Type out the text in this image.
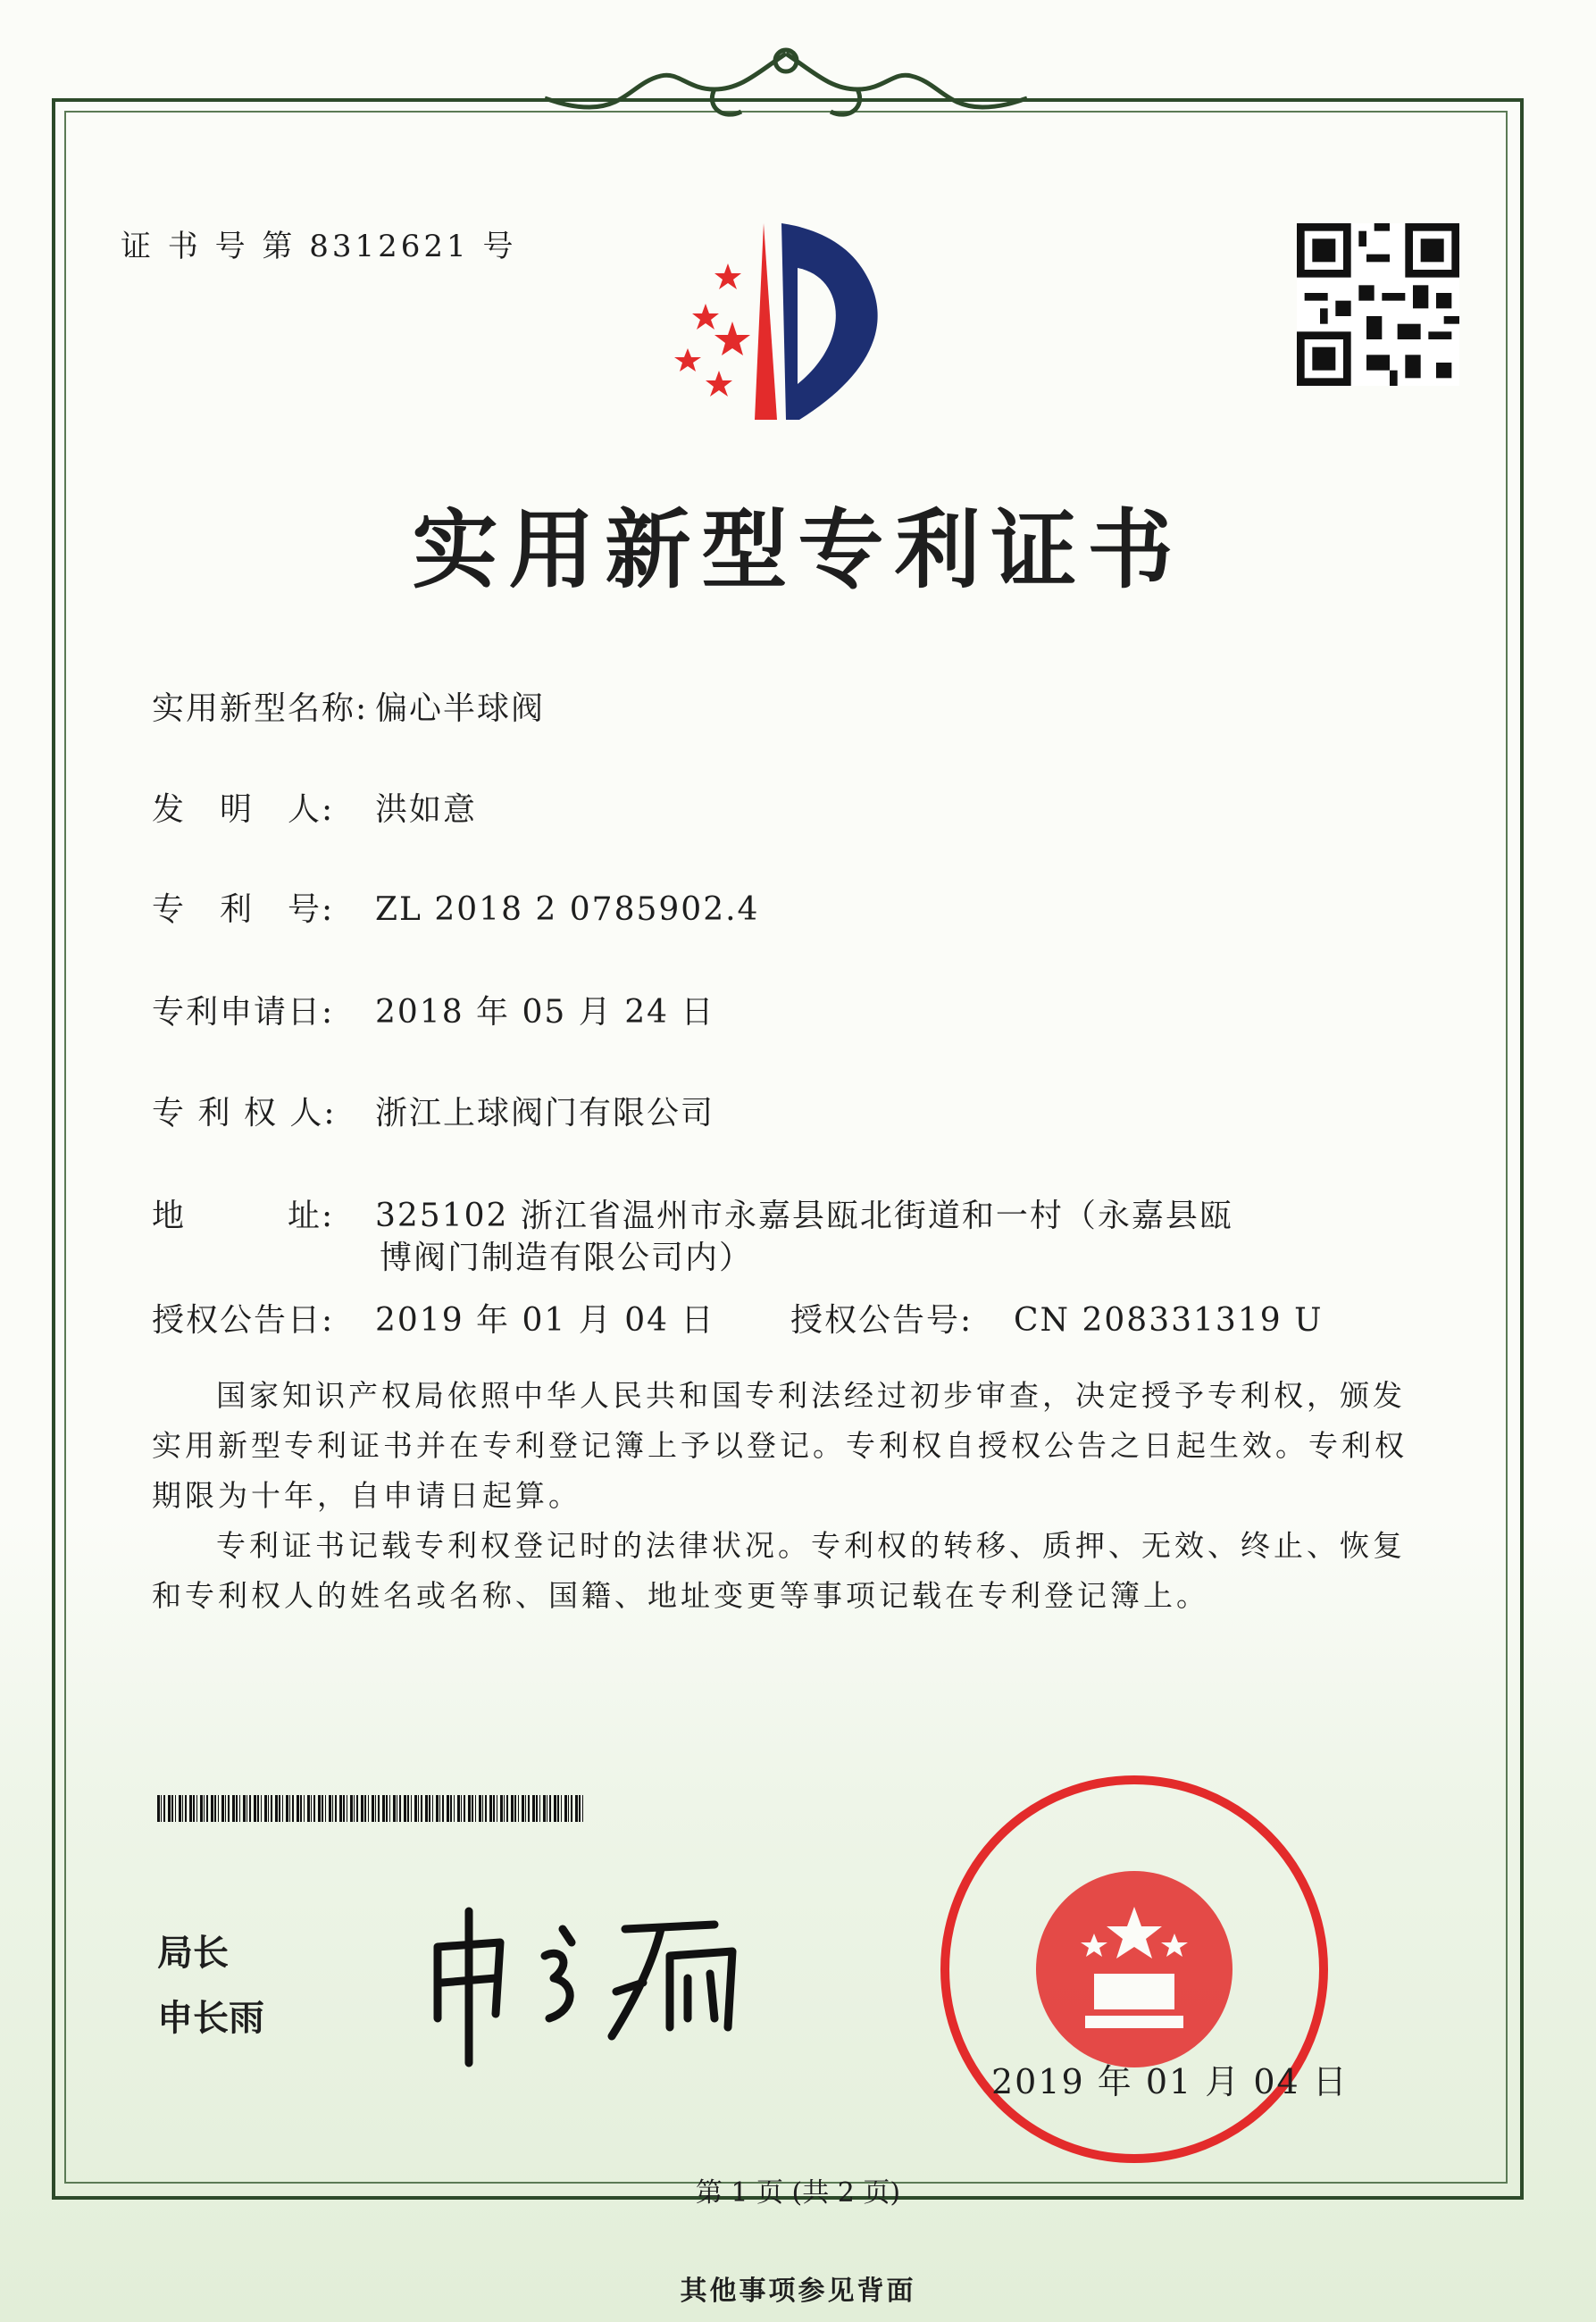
证 书 号 第 8312621 号
实用新型专利证书
实用新型名称: 偏心半球阀
发　明　人: 洪如意
专　利　号: ZL 2018 2 0785902.4
专利申请日: 2018 年 05 月 24 日
专 利 权 人: 浙江上球阀门有限公司
地　　　址: 325102 浙江省温州市永嘉县瓯北街道和一村（永嘉县瓯
博阀门制造有限公司内）
授权公告日: 2019 年 01 月 04 日 授权公告号: CN 208331319 U

国家知识产权局依照中华人民共和国专利法经过初步审查，决定授予专利权，颁发实用新型专利证书并在专利登记簿上予以登记。专利权自授权公告之日起生效。专利权期限为十年，自申请日起算。

专利证书记载专利权登记时的法律状况。专利权的转移、质押、无效、终止、恢复和专利权人的姓名或名称、国籍、地址变更等事项记载在专利登记簿上。

局长
申长雨
2019 年 01 月 04 日
第 1 页 (共 2 页)
其他事项参见背面
